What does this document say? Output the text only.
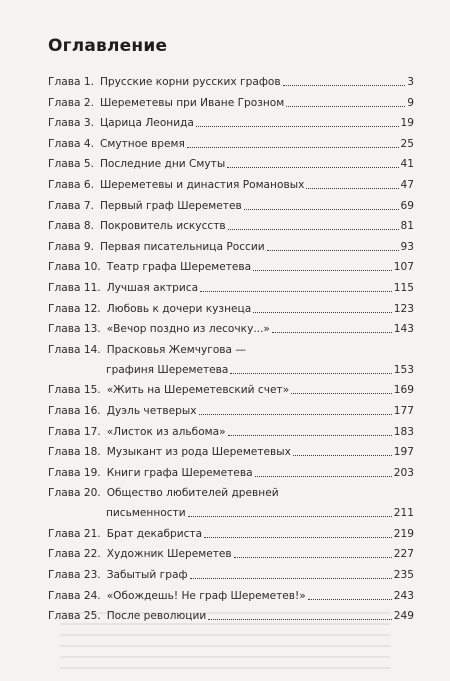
Оглавление
Глава 1. Прусские корни русских графов	3
Глава 2. Шереметевы при Иване Грозном	9
Глава 3. Царица Леонида	19
Глава 4. Смутное время	25
Глава 5. Последние дни Смуты	41
Глава 6. Шереметевы и династия Романовых	47
Глава 7. Первый граф Шереметев	69
Глава 8. Покровитель искусств	81
Глава 9. Первая писательница России	93
Глава 10. Театр графа Шереметева	107
Глава 11. Лучшая актриса	115
Глава 12. Любовь к дочери кузнеца	123
Глава 13. «Вечор поздно из лесочку...»	143
Глава 14. Прасковья Жемчугова —
графиня Шереметева	153
Глава 15. «Жить на Шереметевский счет»	169
Глава 16. Дуэль четверых	177
Глава 17. «Листок из альбома»	183
Глава 18. Музыкант из рода Шереметевых	197
Глава 19. Книги графа Шереметева	203
Глава 20. Общество любителей древней
письменности	211
Глава 21. Брат декабриста	219
Глава 22. Художник Шереметев	227
Глава 23. Забытый граф	235
Глава 24. «Обождешь! Не граф Шереметев!»	243
Глава 25. После революции	249
